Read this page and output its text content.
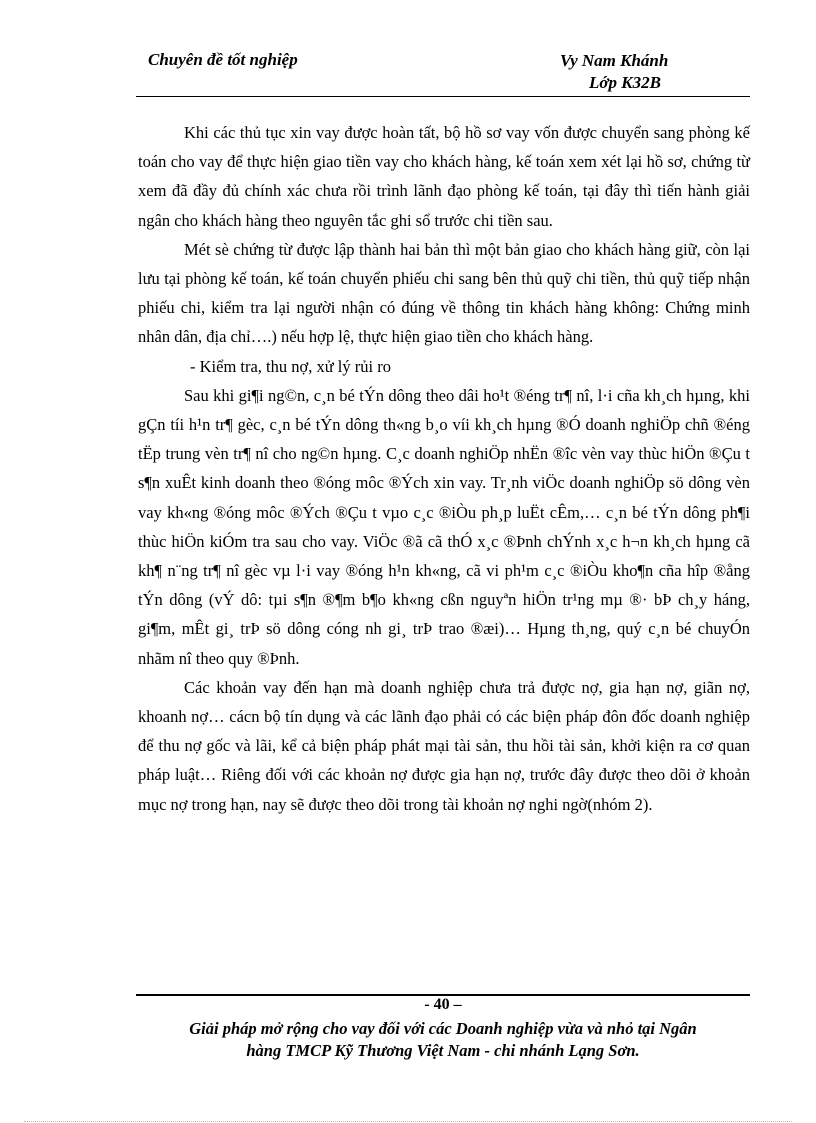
Chuyên đề tốt nghiệp	Vy Nam Khánh
Lớp K32B

Khi các thủ tục xin vay được hoàn tất, bộ hồ sơ vay vốn được chuyển sang phòng kế toán cho vay để thực hiện giao tiền vay cho khách hàng, kế toán xem xét lại hồ sơ, chứng từ xem đã đầy đủ chính xác chưa rồi trình lãnh đạo phòng kế toán, tại đây thì tiến hành giải ngân cho khách hàng theo nguyên tắc ghi sổ trước chi tiền sau.

Mét sè chứng từ được lập thành hai bản thì một bản giao cho khách hàng giữ, còn lại lưu tại phòng kế toán, kế toán chuyển phiếu chi sang bên thủ quỹ chi tiền, thủ quỹ tiếp nhận phiếu chi, kiểm tra lại người nhận có đúng về thông tin khách hàng không: Chứng minh nhân dân, địa chỉ….) nếu hợp lệ, thực hiện giao tiền cho khách hàng.

- Kiểm tra, thu nợ, xử lý rủi ro

Sau khi gi¶i ng©n, c¸n bé tÝn dông theo dâi ho¹t ®éng tr¶ nî, l·i cña kh¸ch hµng, khi gÇn tíi h¹n tr¶ gèc, c¸n bé tÝn dông th«ng b¸o víi kh¸ch hµng ®Ó doanh nghiÖp chñ ®éng tËp trung vèn tr¶ nî cho ng©n hµng. C¸c doanh nghiÖp nhËn ®îc vèn vay thùc hiÖn ®Çu t s¶n xuÊt kinh doanh theo ®óng môc ®Ých xin vay. Tr¸nh viÖc doanh nghiÖp sö dông vèn vay kh«ng ®óng môc ®Ých ®Çu t vµo c¸c ®iÒu ph¸p luËt cÊm,… c¸n bé tÝn dông ph¶i thùc hiÖn kiÓm tra sau cho vay. ViÖc ®ã cã thÓ x¸c ®Þnh chÝnh x¸c h¬n kh¸ch hµng cã kh¶ n¨ng tr¶ nî gèc vµ l·i vay ®óng h¹n kh«ng, cã vi ph¹m c¸c ®iÒu kho¶n cña hîp ®ång tÝn dông (vÝ dô: tµi s¶n ®¶m b¶o kh«ng cßn nguyªn hiÖn tr¹ng mµ ®· bÞ ch¸y háng, gi¶m, mÊt gi¸ trÞ sö dông cóng nh gi¸ trÞ trao ®æi)… Hµng th¸ng, quý c¸n bé chuyÓn nhãm nî theo quy ®Þnh.

Các khoản vay đến hạn mà doanh nghiệp chưa trả được nợ, gia hạn nợ, giãn nợ, khoanh nợ… cácn bộ tín dụng và các lãnh đạo phải có các biện pháp đôn đốc doanh nghiệp để thu nợ gốc và lãi, kể cả biện pháp phát mại tài sản, thu hồi tài sản, khởi kiện ra cơ quan pháp luật… Riêng đối với các khoản nợ được gia hạn nợ, trước đây được theo dõi ở khoản mục nợ trong hạn, nay sẽ được theo dõi trong tài khoản nợ nghi ngờ(nhóm 2).

- 40 –
Giải pháp mở rộng cho vay đối với các Doanh nghiệp vừa và nhỏ tại Ngân
hàng TMCP Kỹ Thương Việt Nam - chi nhánh Lạng Sơn.
